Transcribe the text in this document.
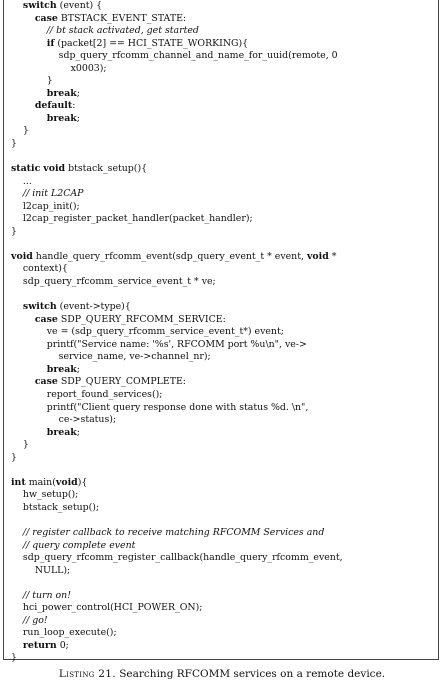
switch (event) {
case BTSTACK_EVENT_STATE:
// bt stack activated, get started
if (packet[2] == HCI_STATE_WORKING){
sdp_query_rfcomm_channel_and_name_for_uuid(remote, 0
x0003);
}
break;
default:
break;
}
}
static void btstack_setup(){
...
// init L2CAP
l2cap_init();
l2cap_register_packet_handler(packet_handler);
}
void handle_query_rfcomm_event(sdp_query_event_t * event, void *
context){
sdp_query_rfcomm_service_event_t * ve;
switch (event->type){
case SDP_QUERY_RFCOMM_SERVICE:
ve = (sdp_query_rfcomm_service_event_t*) event;
printf("Service name: '%s', RFCOMM port %u\n", ve->
service_name, ve->channel_nr);
break;
case SDP_QUERY_COMPLETE:
report_found_services();
printf("Client query response done with status %d. \n",
ce->status);
break;
}
}
int main(void){
hw_setup();
btstack_setup();
// register callback to receive matching RFCOMM Services and
// query complete event
sdp_query_rfcomm_register_callback(handle_query_rfcomm_event,
NULL);
// turn on!
hci_power_control(HCI_POWER_ON);
// go!
run_loop_execute();
return 0;
}
Listing 21. Searching RFCOMM services on a remote device.
